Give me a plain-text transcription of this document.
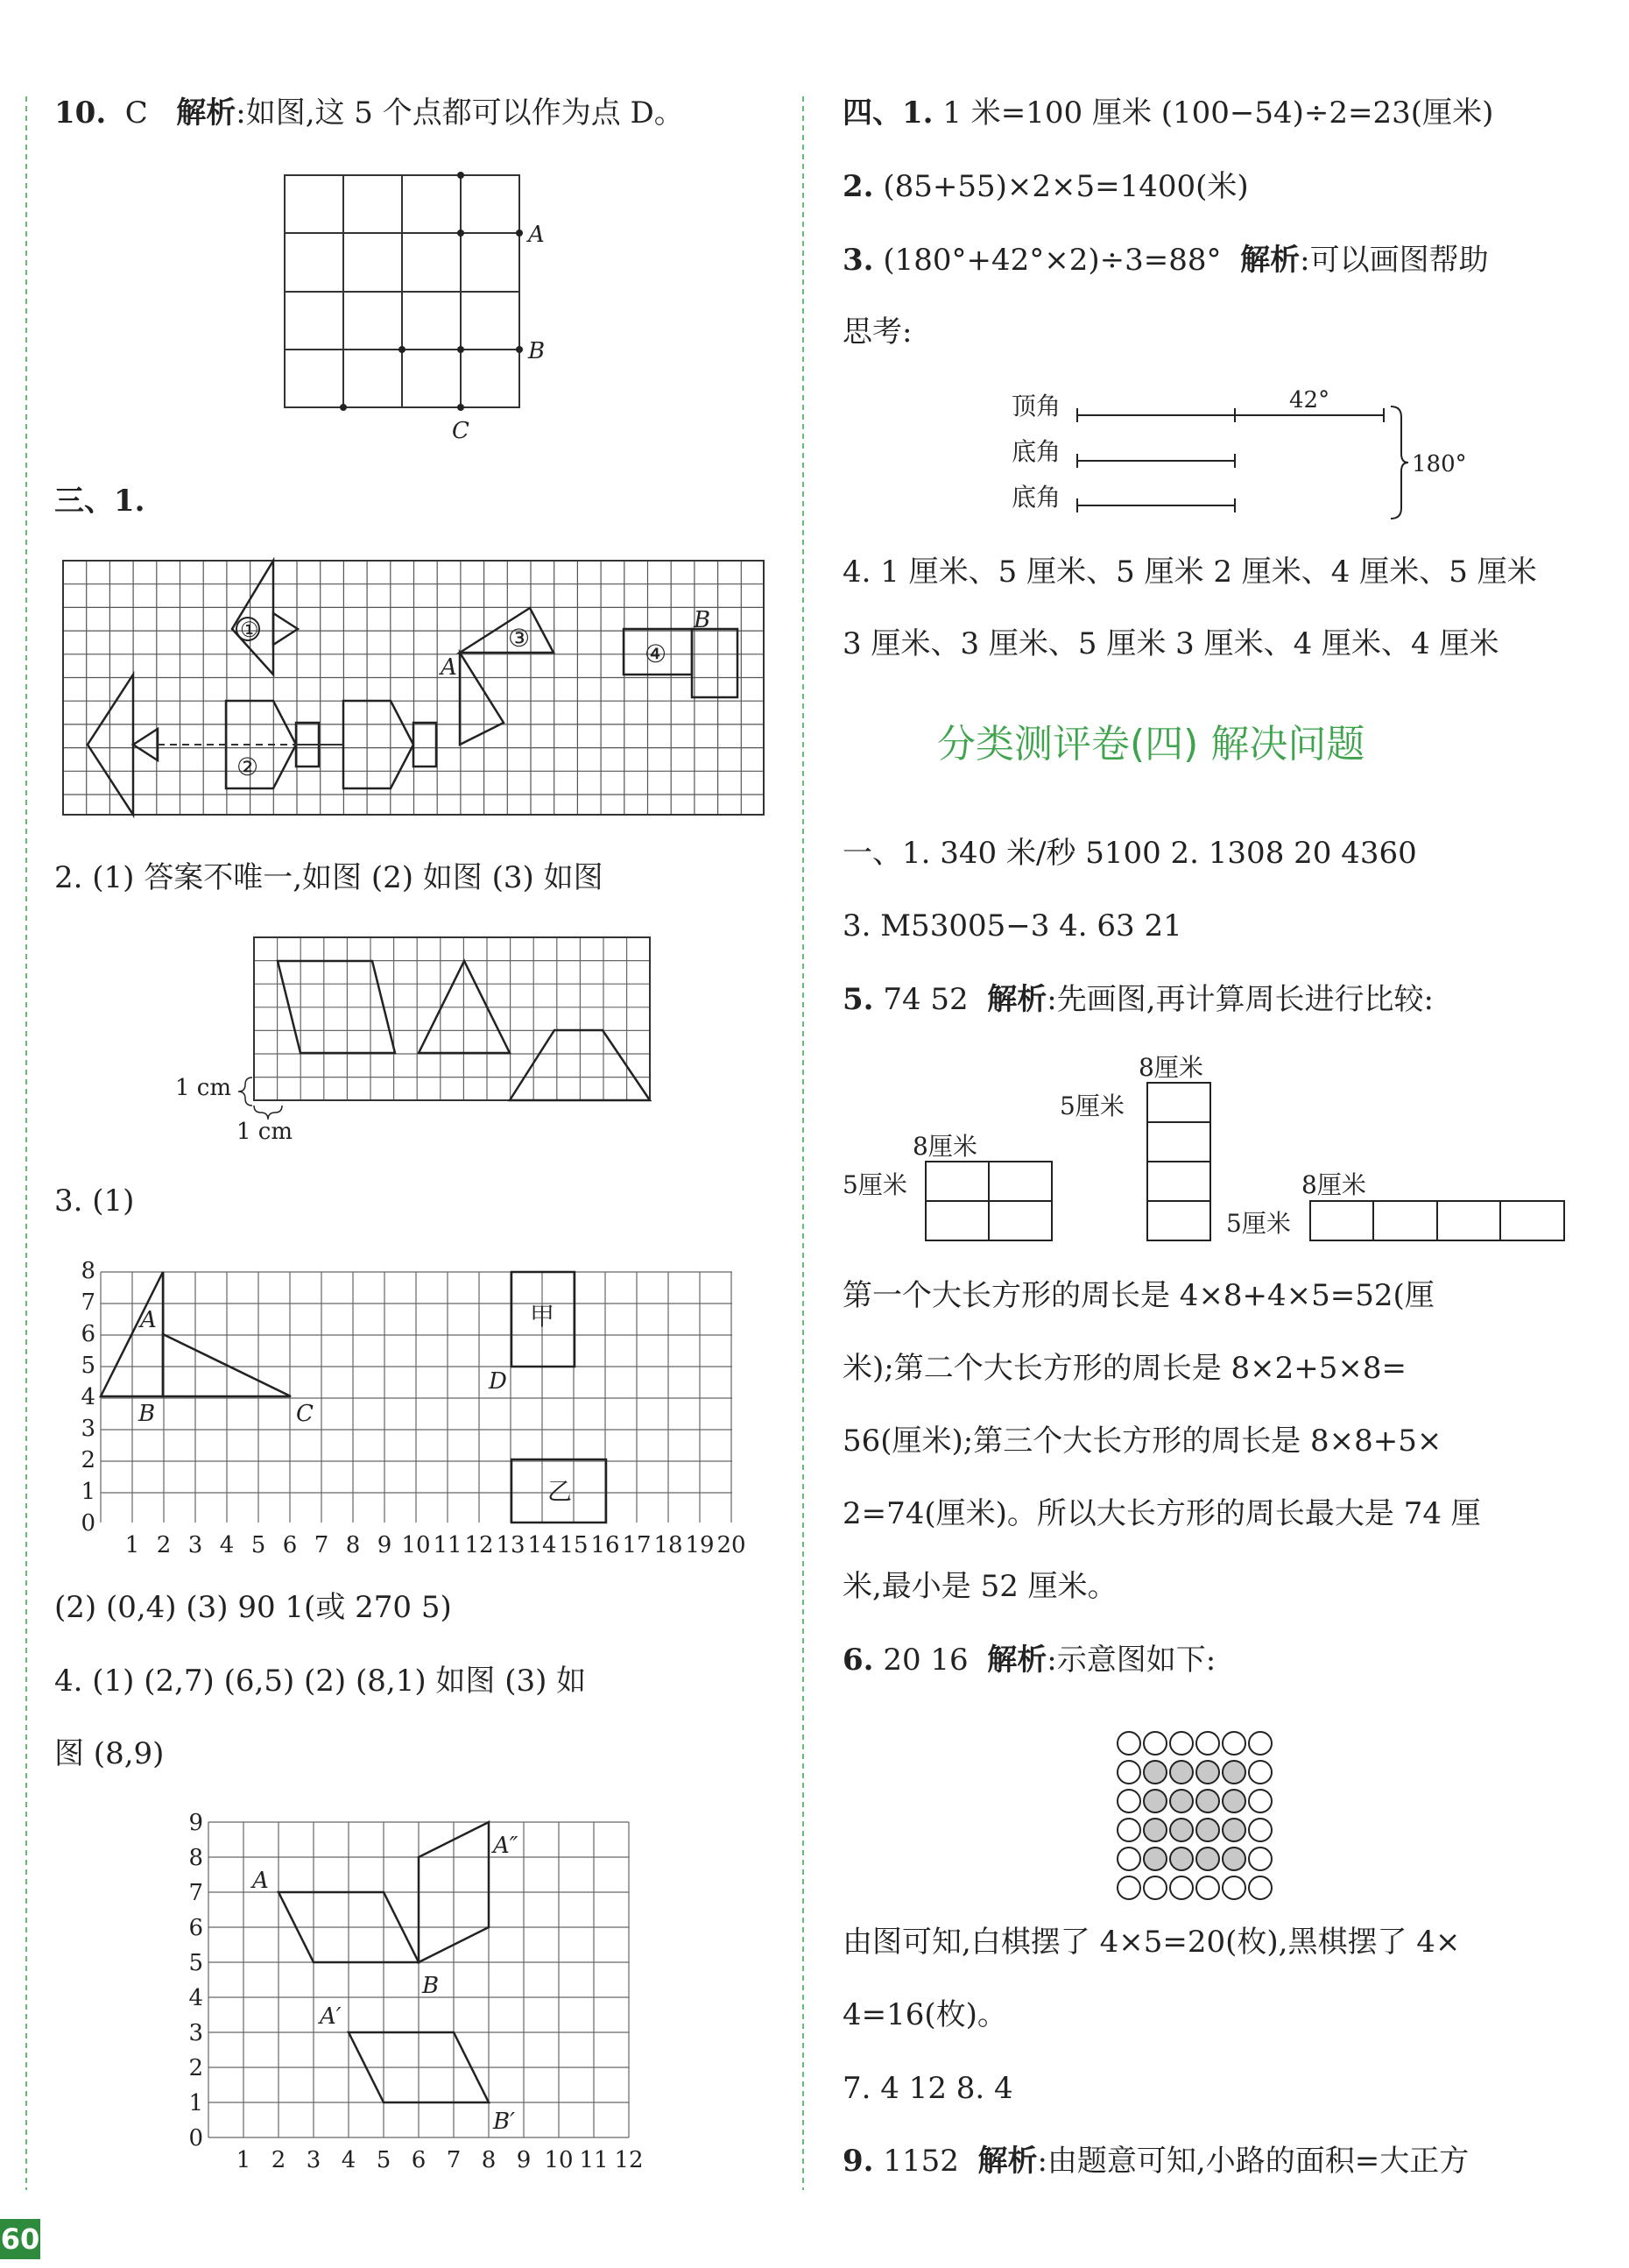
10. C 解析:如图,这 5 个点都可以作为点 D。
A
B
C
三、1.
①
②
③
④
A
B
2. (1) 答案不唯一,如图 (2) 如图 (3) 如图
1 cm
1 cm
3. (1)
1 2 3 4 5 6 7 8 9 10 11 12 13 14 15 16 17 18 19 20
0
1
2
3
4
5
6
7
8
A
B	C
D
甲
乙
(2) (0,4) (3) 90 1(或 270 5)
4. (1) (2,7) (6,5) (2) (8,1) 如图 (3) 如
图 (8,9)
1 2 3 4 5 6 7 8 9 10 11 12
0
1
2
3
4
5
6
7
8
9
A
B
A′
A″
B′
四、1. 1 米=100 厘米 (100−54)÷2=23(厘米)
2. (85+55)×2×5=1400(米)
3. (180°+42°×2)÷3=88° 解析:可以画图帮助
思考:
顶角
底角
底角
42°
180°
4. 1 厘米、5 厘米、5 厘米 2 厘米、4 厘米、5 厘米
3 厘米、3 厘米、5 厘米 3 厘米、4 厘米、4 厘米
分类测评卷(四) 解决问题
一、1. 340 米/秒 5100 2. 1308 20 4360
3. M53005−3 4. 63 21
5. 74 52 解析:先画图,再计算周长进行比较:
8厘米
5厘米
8厘米
5厘米
8厘米
5厘米
第一个大长方形的周长是 4×8+4×5=52(厘
米);第二个大长方形的周长是 8×2+5×8=
56(厘米);第三个大长方形的周长是 8×8+5×
2=74(厘米)。所以大长方形的周长最大是 74 厘
米,最小是 52 厘米。
6. 20 16 解析:示意图如下:
由图可知,白棋摆了 4×5=20(枚),黑棋摆了 4×
4=16(枚)。
7. 4 12 8. 4
9. 1152 解析:由题意可知,小路的面积=大正方
60
